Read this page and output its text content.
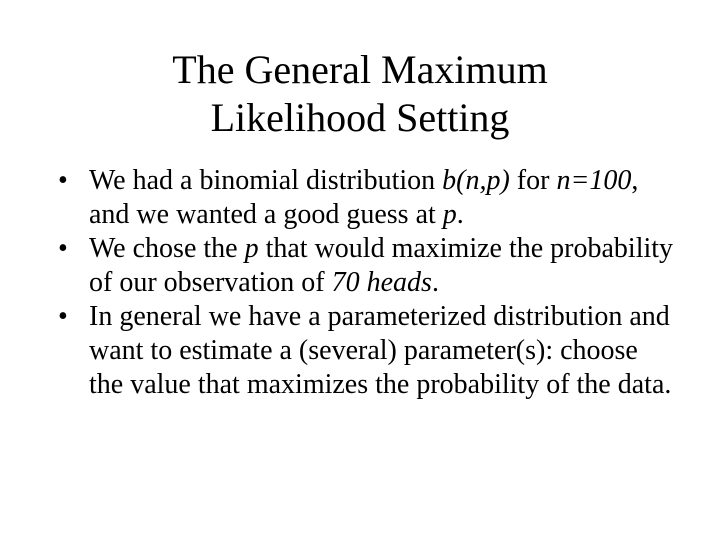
The General Maximum
Likelihood Setting
• We had a binomial distribution b(n,p) for n=100, and we wanted a good guess at p.
• We chose the p that would maximize the probability of our observation of 70 heads.
• In general we have a parameterized distribution and want to estimate a (several) parameter(s): choose the value that maximizes the probability of the data.
